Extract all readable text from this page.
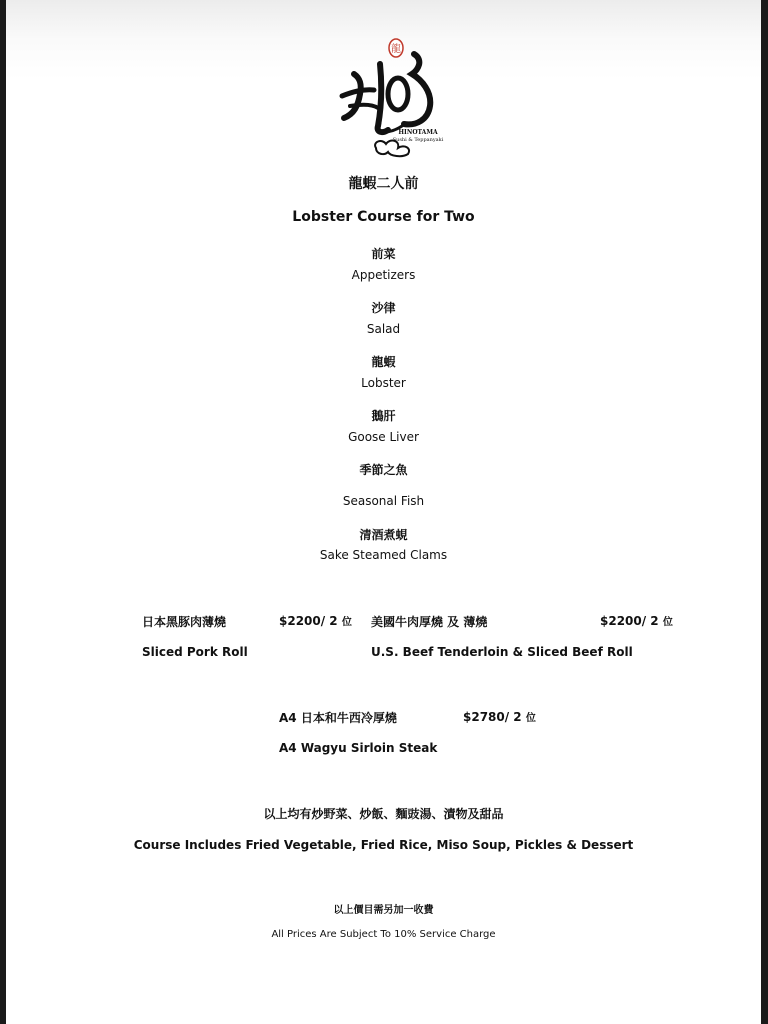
龍
HINOTAMA
Sushi & Teppanyaki
龍蝦二人前
Lobster Course for Two
前菜
Appetizers
沙律
Salad
龍蝦
Lobster
鵝肝
Goose Liver
季節之魚
Seasonal Fish
清酒煮蜆
Sake Steamed Clams
日本黑豚肉薄燒	$2200/ 2 位
Sliced Pork Roll
美國牛肉厚燒 及 薄燒	$2200/ 2 位
U.S. Beef Tenderloin & Sliced Beef Roll
A4 日本和牛西冷厚燒	$2780/ 2 位
A4 Wagyu Sirloin Steak
以上均有炒野菜、炒飯、麵豉湯、漬物及甜品
Course Includes Fried Vegetable, Fried Rice, Miso Soup, Pickles & Dessert
以上價目需另加一收費
All Prices Are Subject To 10% Service Charge
